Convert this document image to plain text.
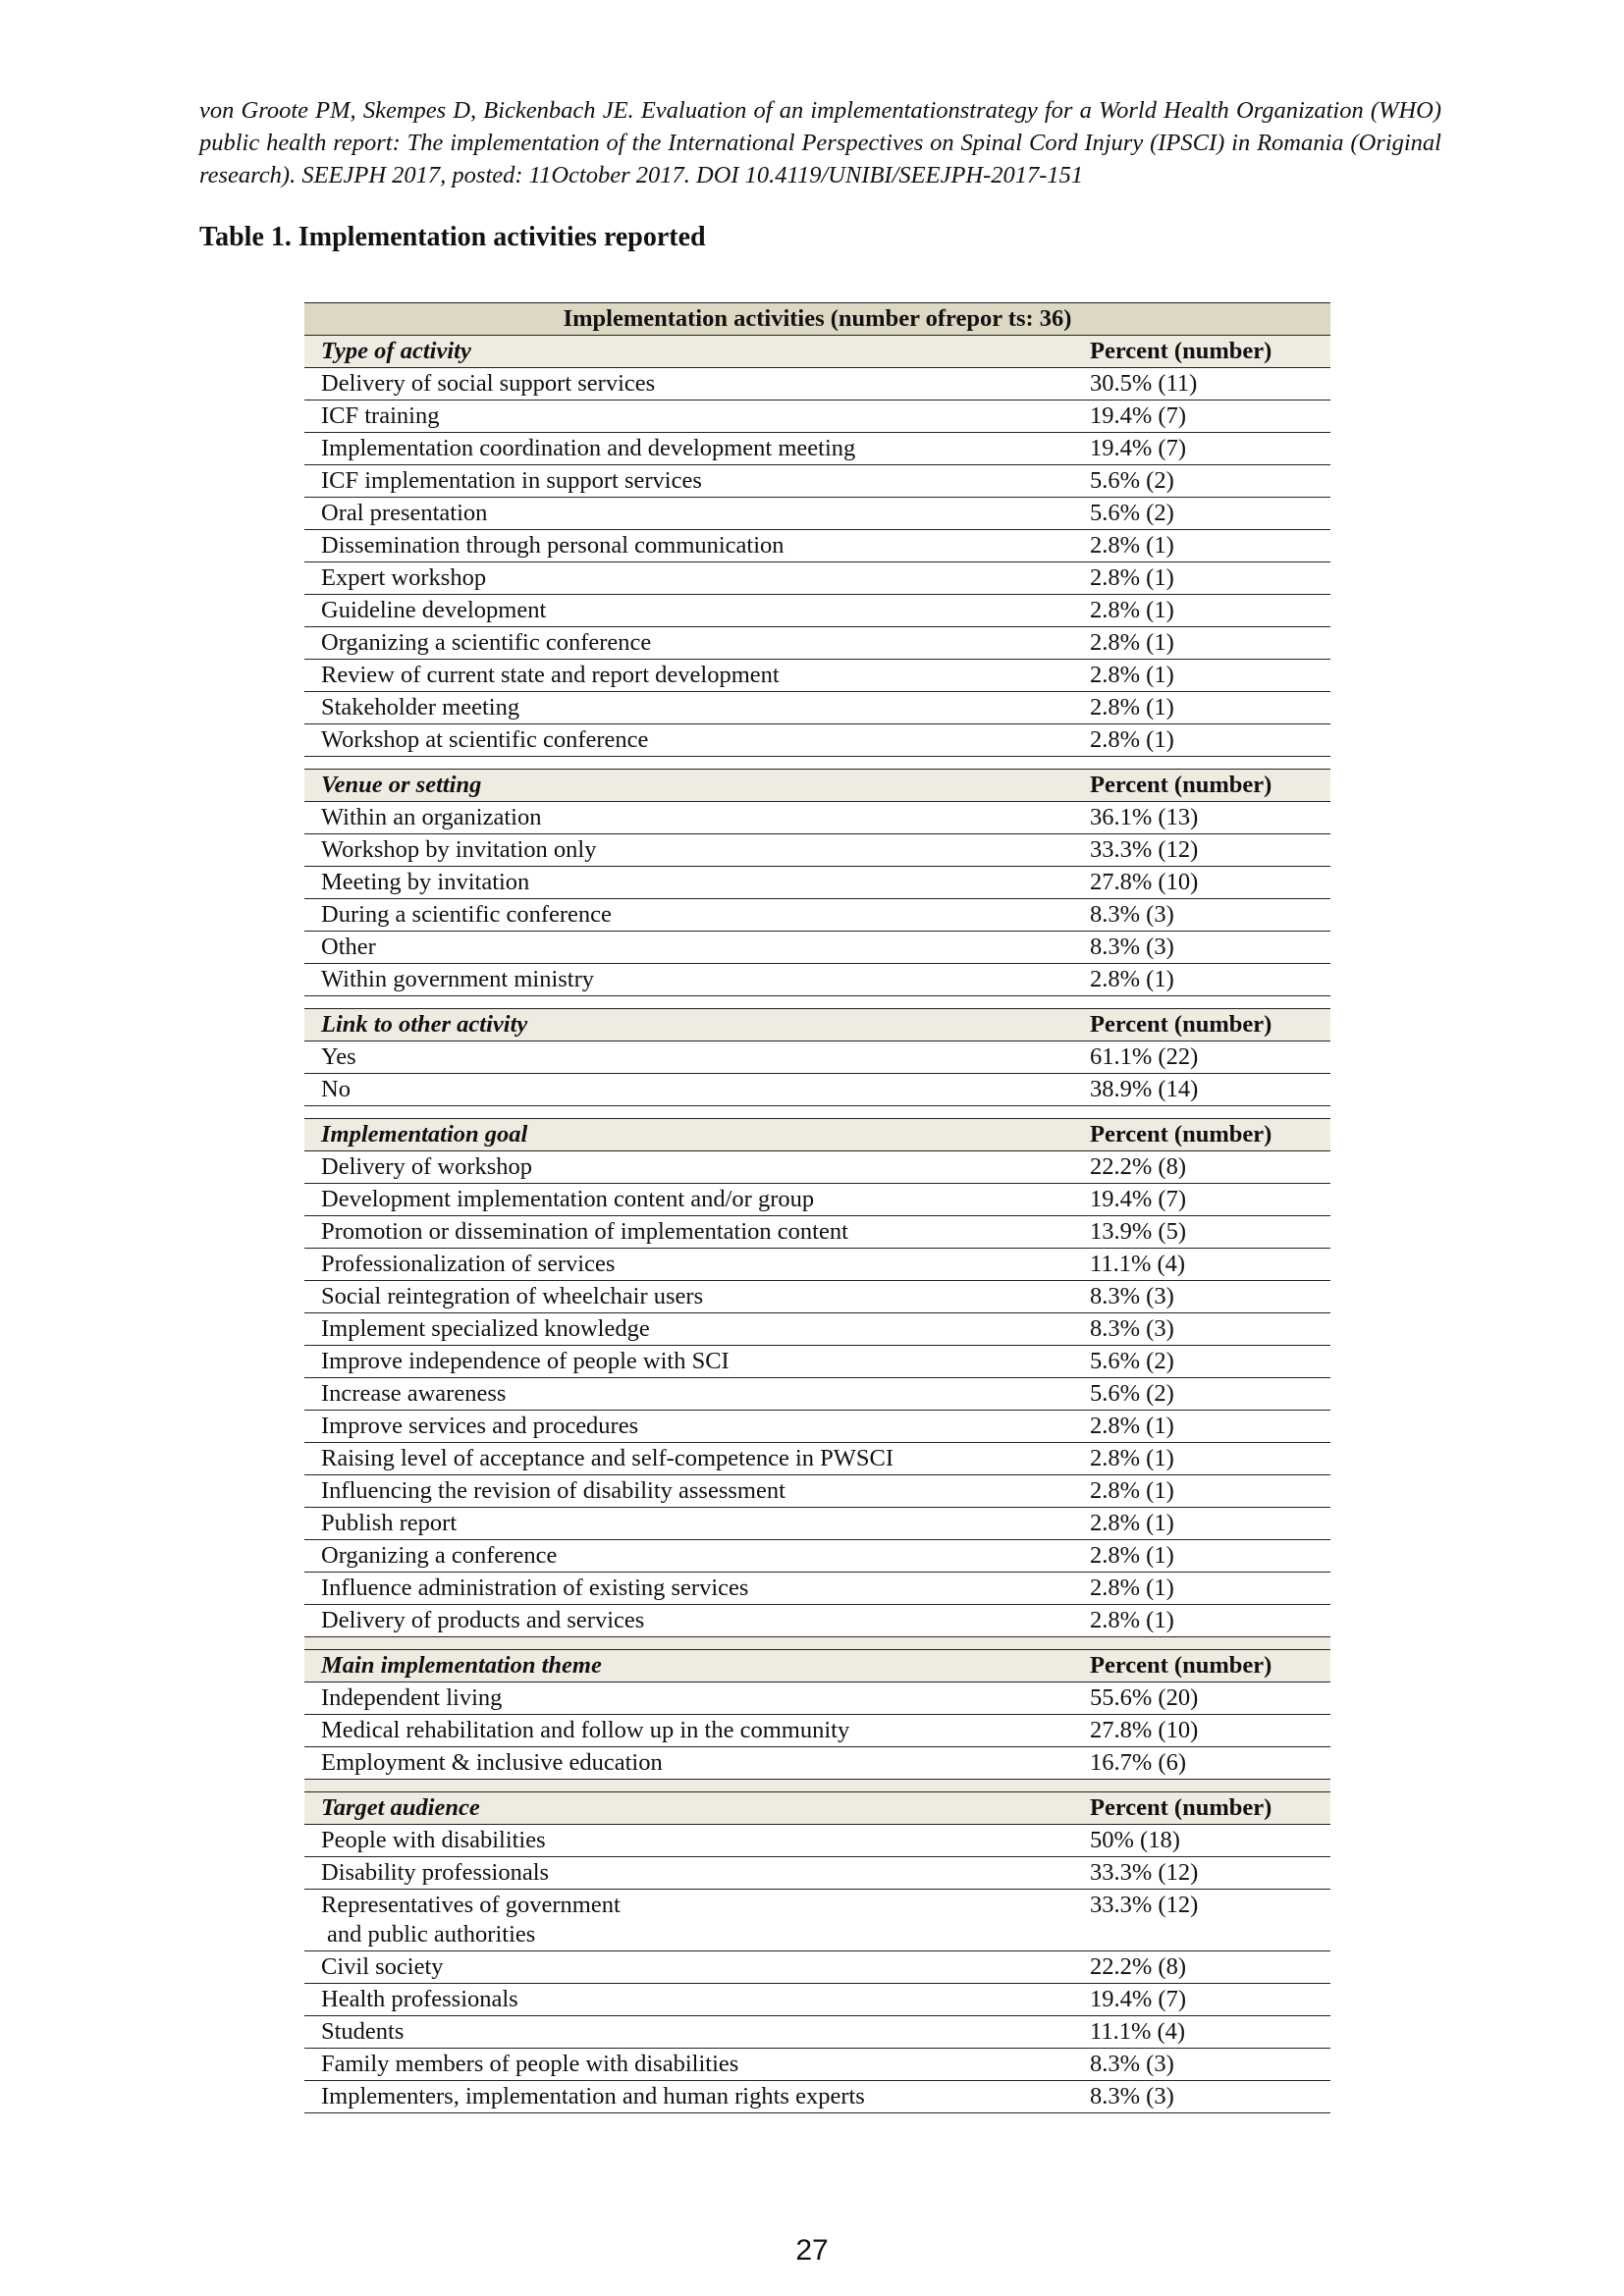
von Groote PM, Skempes D, Bickenbach JE. Evaluation of an implementationstrategy for a World Health Organization (WHO) public health report: The implementation of the International Perspectives on Spinal Cord Injury (IPSCI) in Romania (Original research). SEEJPH 2017, posted: 11October 2017. DOI 10.4119/UNIBI/SEEJPH-2017-151
Table 1. Implementation activities reported
Implementation activities (number ofrepor ts: 36)	
Type of activity	Percent (number)
Delivery of social support services	30.5% (11)
ICF training	19.4% (7)
Implementation coordination and development meeting	19.4% (7)
ICF implementation in support services	5.6% (2)
Oral presentation	5.6% (2)
Dissemination through personal communication	2.8% (1)
Expert workshop	2.8% (1)
Guideline development	2.8% (1)
Organizing a scientific conference	2.8% (1)
Review of current state and report development	2.8% (1)
Stakeholder meeting	2.8% (1)
Workshop at scientific conference	2.8% (1)

Venue or setting	Percent (number)
Within an organization	36.1% (13)
Workshop by invitation only	33.3% (12)
Meeting by invitation	27.8% (10)
During a scientific conference	8.3% (3)
Other	8.3% (3)
Within government ministry	2.8% (1)

Link to other activity	Percent (number)
Yes	61.1% (22)
No	38.9% (14)

Implementation goal	Percent (number)
Delivery of workshop	22.2% (8)
Development implementation content and/or group	19.4% (7)
Promotion or dissemination of implementation content	13.9% (5)
Professionalization of services	11.1% (4)
Social reintegration of wheelchair users	8.3% (3)
Implement specialized knowledge	8.3% (3)
Improve independence of people with SCI	5.6% (2)
Increase awareness	5.6% (2)
Improve services and procedures	2.8% (1)
Raising level of acceptance and self-competence in PWSCI	2.8% (1)
Influencing the revision of disability assessment	2.8% (1)
Publish report	2.8% (1)
Organizing a conference	2.8% (1)
Influence administration of existing services	2.8% (1)
Delivery of products and services	2.8% (1)

Main implementation theme	Percent (number)
Independent living	55.6% (20)
Medical rehabilitation and follow up in the community	27.8% (10)
Employment & inclusive education	16.7% (6)

Target audience	Percent (number)
People with disabilities	50% (18)
Disability professionals	33.3% (12)
Representatives of government
and public authorities	33.3% (12)
Civil society	22.2% (8)
Health professionals	19.4% (7)
Students	11.1% (4)
Family members of people with disabilities	8.3% (3)
Implementers, implementation and human rights experts	8.3% (3)
27
